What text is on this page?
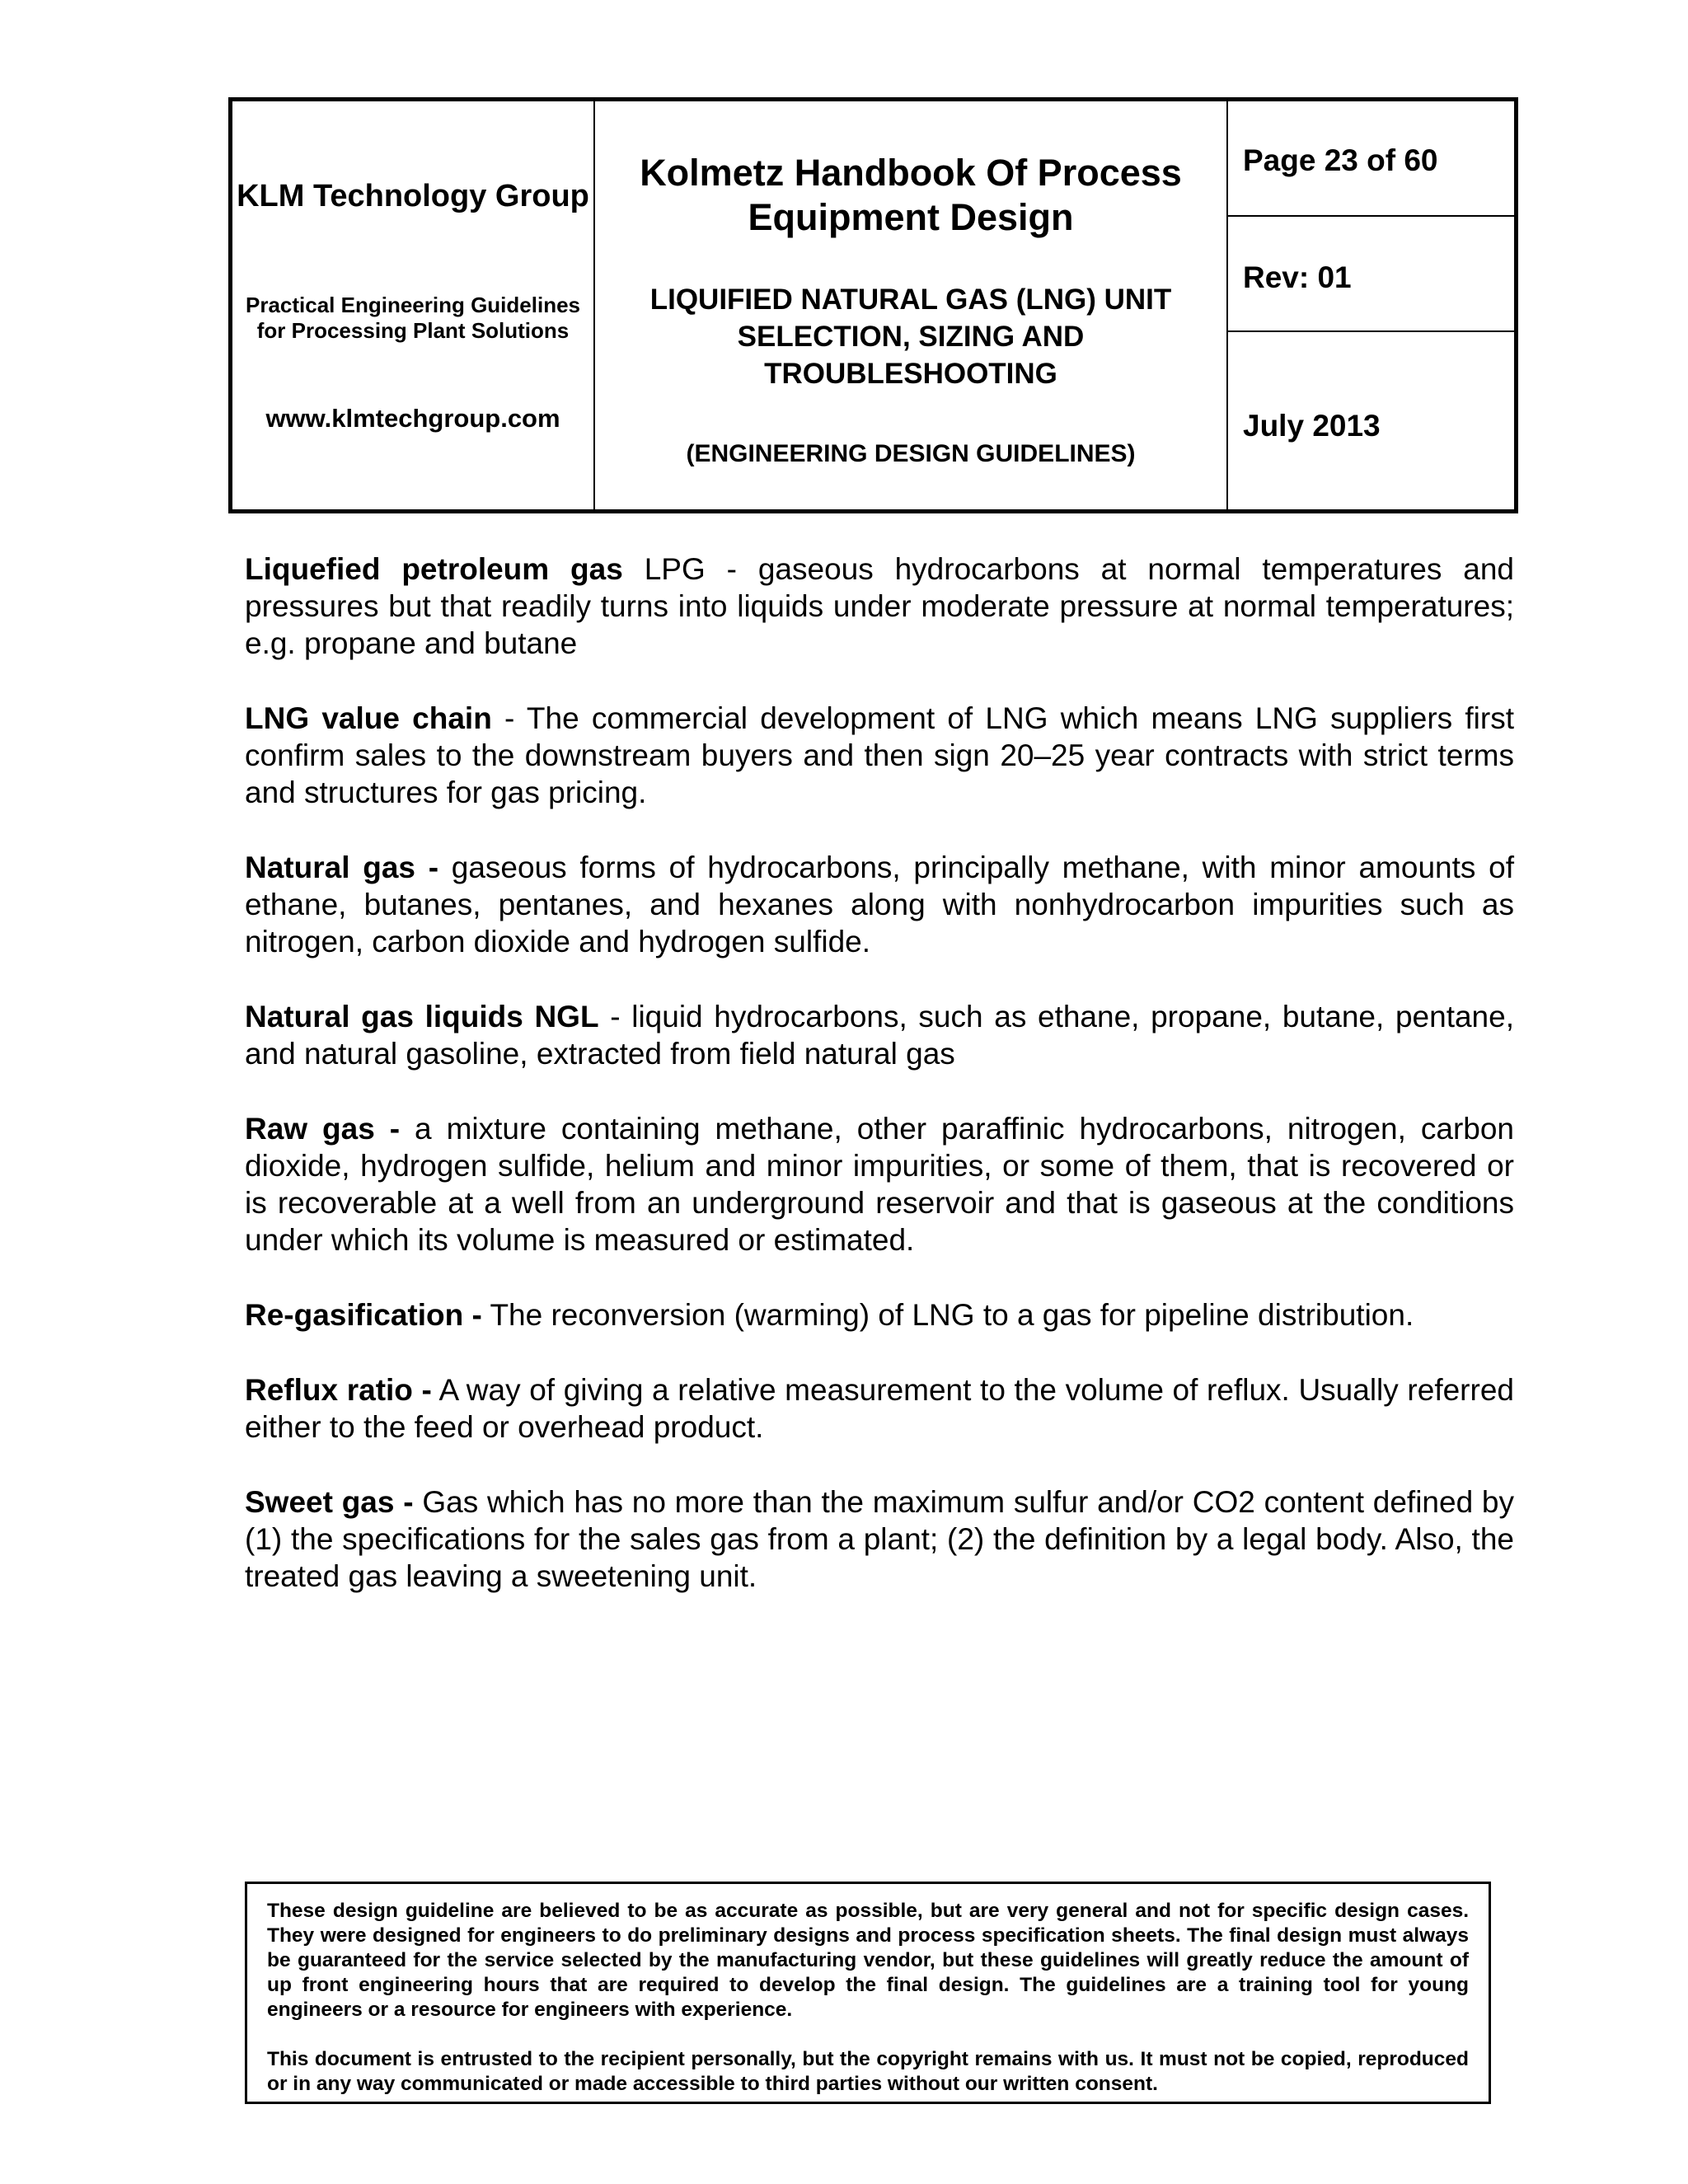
KLM Technology Group
Practical Engineering Guidelines for Processing Plant Solutions
www.klmtechgroup.com
Kolmetz Handbook Of Process Equipment Design
LIQUIFIED NATURAL GAS (LNG) UNIT SELECTION, SIZING AND TROUBLESHOOTING
(ENGINEERING DESIGN GUIDELINES)
Page 23 of 60
Rev: 01
July 2013

Liquefied petroleum gas LPG - gaseous hydrocarbons at normal temperatures and pressures but that readily turns into liquids under moderate pressure at normal temperatures; e.g. propane and butane

LNG value chain - The commercial development of LNG which means LNG suppliers first confirm sales to the downstream buyers and then sign 20–25 year contracts with strict terms and structures for gas pricing.

Natural gas - gaseous forms of hydrocarbons, principally methane, with minor amounts of ethane, butanes, pentanes, and hexanes along with nonhydrocarbon impurities such as nitrogen, carbon dioxide and hydrogen sulfide.

Natural gas liquids NGL - liquid hydrocarbons, such as ethane, propane, butane, pentane, and natural gasoline, extracted from field natural gas

Raw gas - a mixture containing methane, other paraffinic hydrocarbons, nitrogen, carbon dioxide, hydrogen sulfide, helium and minor impurities, or some of them, that is recovered or is recoverable at a well from an underground reservoir and that is gaseous at the conditions under which its volume is measured or estimated.

Re-gasification - The reconversion (warming) of LNG to a gas for pipeline distribution.

Reflux ratio - A way of giving a relative measurement to the volume of reflux. Usually referred either to the feed or overhead product.

Sweet gas - Gas which has no more than the maximum sulfur and/or CO2 content defined by (1) the specifications for the sales gas from a plant; (2) the definition by a legal body. Also, the treated gas leaving a sweetening unit.

These design guideline are believed to be as accurate as possible, but are very general and not for specific design cases. They were designed for engineers to do preliminary designs and process specification sheets. The final design must always be guaranteed for the service selected by the manufacturing vendor, but these guidelines will greatly reduce the amount of up front engineering hours that are required to develop the final design. The guidelines are a training tool for young engineers or a resource for engineers with experience.

This document is entrusted to the recipient personally, but the copyright remains with us. It must not be copied, reproduced or in any way communicated or made accessible to third parties without our written consent.
